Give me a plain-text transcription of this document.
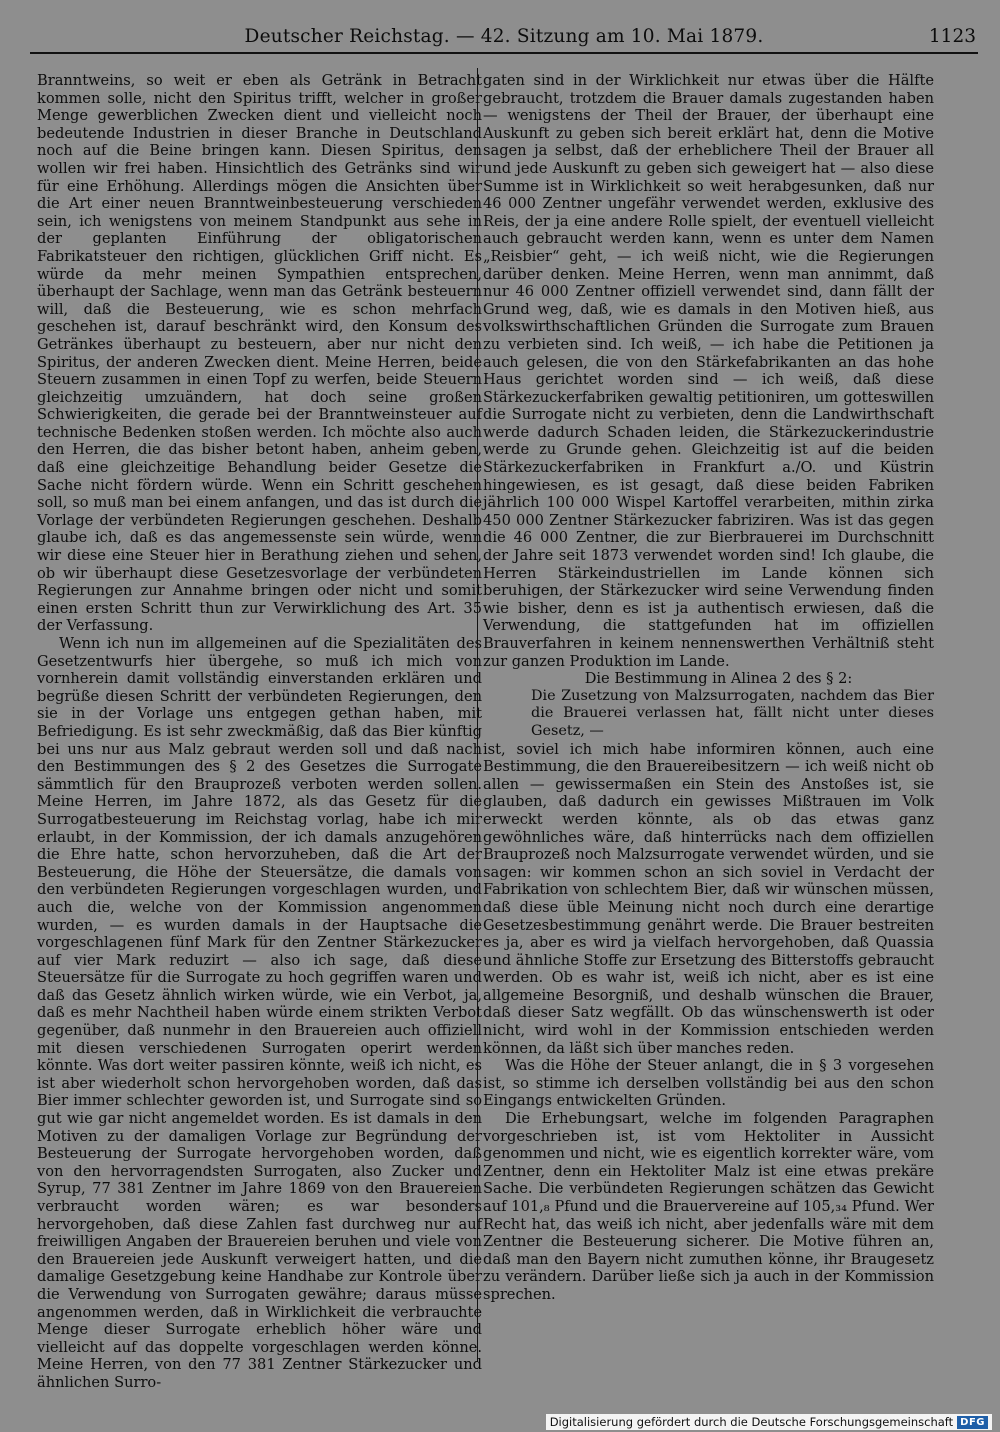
Deutscher Reichstag. — 42. Sitzung am 10. Mai 1879.	1123

Branntweins, so weit er eben als Getränk in Betracht kommen solle, nicht den Spiritus trifft, welcher in großer Menge gewerblichen Zwecken dient und vielleicht noch bedeutende Industrien in dieser Branche in Deutschland noch auf die Beine bringen kann. Diesen Spiritus, den wollen wir frei haben. Hinsichtlich des Getränks sind wir für eine Erhöhung. Allerdings mögen die Ansichten über die Art einer neuen Branntweinbesteuerung verschieden sein, ich wenigstens von meinem Standpunkt aus sehe in der geplanten Einführung der obligatorischen Fabrikatsteuer den richtigen, glücklichen Griff nicht. Es würde da mehr meinen Sympathien entsprechen, überhaupt der Sachlage, wenn man das Getränk besteuern will, daß die Besteuerung, wie es schon mehrfach geschehen ist, darauf beschränkt wird, den Konsum des Getränkes überhaupt zu besteuern, aber nur nicht den Spiritus, der anderen Zwecken dient. Meine Herren, beide Steuern zusammen in einen Topf zu werfen, beide Steuern gleichzeitig umzuändern, hat doch seine großen Schwierigkeiten, die gerade bei der Branntweinsteuer auf technische Bedenken stoßen werden. Ich möchte also auch den Herren, die das bisher betont haben, anheim geben, daß eine gleichzeitige Behandlung beider Gesetze die Sache nicht fördern würde. Wenn ein Schritt geschehen soll, so muß man bei einem anfangen, und das ist durch die Vorlage der verbündeten Regierungen geschehen. Deshalb glaube ich, daß es das angemessenste sein würde, wenn wir diese eine Steuer hier in Berathung ziehen und sehen, ob wir überhaupt diese Gesetzesvorlage der verbündeten Regierungen zur Annahme bringen oder nicht und somit einen ersten Schritt thun zur Verwirklichung des Art. 35 der Verfassung.

Wenn ich nun im allgemeinen auf die Spezialitäten des Gesetzentwurfs hier übergehe, so muß ich mich von vornherein damit vollständig einverstanden erklären und begrüße diesen Schritt der verbündeten Regierungen, den sie in der Vorlage uns entgegen gethan haben, mit Befriedigung. Es ist sehr zweckmäßig, daß das Bier künftig bei uns nur aus Malz gebraut werden soll und daß nach den Bestimmungen des § 2 des Gesetzes die Surrogate sämmtlich für den Brauprozeß verboten werden sollen. Meine Herren, im Jahre 1872, als das Gesetz für die Surrogatbesteuerung im Reichstag vorlag, habe ich mir erlaubt, in der Kommission, der ich damals anzugehören die Ehre hatte, schon hervorzuheben, daß die Art der Besteuerung, die Höhe der Steuersätze, die damals von den verbündeten Regierungen vorgeschlagen wurden, und auch die, welche von der Kommission angenommen wurden, — es wurden damals in der Hauptsache die vorgeschlagenen fünf Mark für den Zentner Stärkezucker auf vier Mark reduzirt — also ich sage, daß diese Steuersätze für die Surrogate zu hoch gegriffen waren und daß das Gesetz ähnlich wirken würde, wie ein Verbot, ja, daß es mehr Nachtheil haben würde einem strikten Verbot gegenüber, daß nunmehr in den Brauereien auch offiziell mit diesen verschiedenen Surrogaten operirt werden könnte. Was dort weiter passiren könnte, weiß ich nicht, es ist aber wiederholt schon hervorgehoben worden, daß das Bier immer schlechter geworden ist, und Surrogate sind so gut wie gar nicht angemeldet worden. Es ist damals in den Motiven zu der damaligen Vorlage zur Begründung der Besteuerung der Surrogate hervorgehoben worden, daß von den hervorragendsten Surrogaten, also Zucker und Syrup, 77 381 Zentner im Jahre 1869 von den Brauereien verbraucht worden wären; es war besonders hervorgehoben, daß diese Zahlen fast durchweg nur auf freiwilligen Angaben der Brauereien beruhen und viele von den Brauereien jede Auskunft verweigert hatten, und die damalige Gesetzgebung keine Handhabe zur Kontrole über die Verwendung von Surrogaten gewähre; daraus müsse angenommen werden, daß in Wirklichkeit die verbrauchte Menge dieser Surrogate erheblich höher wäre und vielleicht auf das doppelte vorgeschlagen werden könne. Meine Herren, von den 77 381 Zentner Stärkezucker und ähnlichen Surro-

gaten sind in der Wirklichkeit nur etwas über die Hälfte gebraucht, trotzdem die Brauer damals zugestanden haben — wenigstens der Theil der Brauer, der überhaupt eine Auskunft zu geben sich bereit erklärt hat, denn die Motive sagen ja selbst, daß der erheblichere Theil der Brauer all und jede Auskunft zu geben sich geweigert hat — also diese Summe ist in Wirklichkeit so weit herabgesunken, daß nur 46 000 Zentner ungefähr verwendet werden, exklusive des Reis, der ja eine andere Rolle spielt, der eventuell vielleicht auch gebraucht werden kann, wenn es unter dem Namen „Reisbier“ geht, — ich weiß nicht, wie die Regierungen darüber denken. Meine Herren, wenn man annimmt, daß nur 46 000 Zentner offiziell verwendet sind, dann fällt der Grund weg, daß, wie es damals in den Motiven hieß, aus volkswirthschaftlichen Gründen die Surrogate zum Brauen zu verbieten sind. Ich weiß, — ich habe die Petitionen ja auch gelesen, die von den Stärkefabrikanten an das hohe Haus gerichtet worden sind — ich weiß, daß diese Stärkezuckerfabriken gewaltig petitioniren, um gotteswillen die Surrogate nicht zu verbieten, denn die Landwirthschaft werde dadurch Schaden leiden, die Stärkezuckerindustrie werde zu Grunde gehen. Gleichzeitig ist auf die beiden Stärkezuckerfabriken in Frankfurt a./O. und Küstrin hingewiesen, es ist gesagt, daß diese beiden Fabriken jährlich 100 000 Wispel Kartoffel verarbeiten, mithin zirka 450 000 Zentner Stärkezucker fabriziren. Was ist das gegen die 46 000 Zentner, die zur Bierbrauerei im Durchschnitt der Jahre seit 1873 verwendet worden sind! Ich glaube, die Herren Stärkeindustriellen im Lande können sich beruhigen, der Stärkezucker wird seine Verwendung finden wie bisher, denn es ist ja authentisch erwiesen, daß die Verwendung, die stattgefunden hat im offiziellen Brauverfahren in keinem nennenswerthen Verhältniß steht zur ganzen Produktion im Lande.

Die Bestimmung in Alinea 2 des § 2:

Die Zusetzung von Malzsurrogaten, nachdem das Bier die Brauerei verlassen hat, fällt nicht unter dieses Gesetz, —

ist, soviel ich mich habe informiren können, auch eine Bestimmung, die den Brauereibesitzern — ich weiß nicht ob allen — gewissermaßen ein Stein des Anstoßes ist, sie glauben, daß dadurch ein gewisses Mißtrauen im Volk erweckt werden könnte, als ob das etwas ganz gewöhnliches wäre, daß hinterrücks nach dem offiziellen Brauprozeß noch Malzsurrogate verwendet würden, und sie sagen: wir kommen schon an sich soviel in Verdacht der Fabrikation von schlechtem Bier, daß wir wünschen müssen, daß diese üble Meinung nicht noch durch eine derartige Gesetzesbestimmung genährt werde. Die Brauer bestreiten es ja, aber es wird ja vielfach hervorgehoben, daß Quassia und ähnliche Stoffe zur Ersetzung des Bitterstoffs gebraucht werden. Ob es wahr ist, weiß ich nicht, aber es ist eine allgemeine Besorgniß, und deshalb wünschen die Brauer, daß dieser Satz wegfällt. Ob das wünschenswerth ist oder nicht, wird wohl in der Kommission entschieden werden können, da läßt sich über manches reden.

Was die Höhe der Steuer anlangt, die in § 3 vorgesehen ist, so stimme ich derselben vollständig bei aus den schon Eingangs entwickelten Gründen.

Die Erhebungsart, welche im folgenden Paragraphen vorgeschrieben ist, ist vom Hektoliter in Aussicht genommen und nicht, wie es eigentlich korrekter wäre, vom Zentner, denn ein Hektoliter Malz ist eine etwas prekäre Sache. Die verbündeten Regierungen schätzen das Gewicht auf 101,₈ Pfund und die Brauervereine auf 105,₃₄ Pfund. Wer Recht hat, das weiß ich nicht, aber jedenfalls wäre mit dem Zentner die Besteuerung sicherer. Die Motive führen an, daß man den Bayern nicht zumuthen könne, ihr Braugesetz zu verändern. Darüber ließe sich ja auch in der Kommission sprechen.

Digitalisierung gefördert durch die Deutsche Forschungsgemeinschaft DFG
